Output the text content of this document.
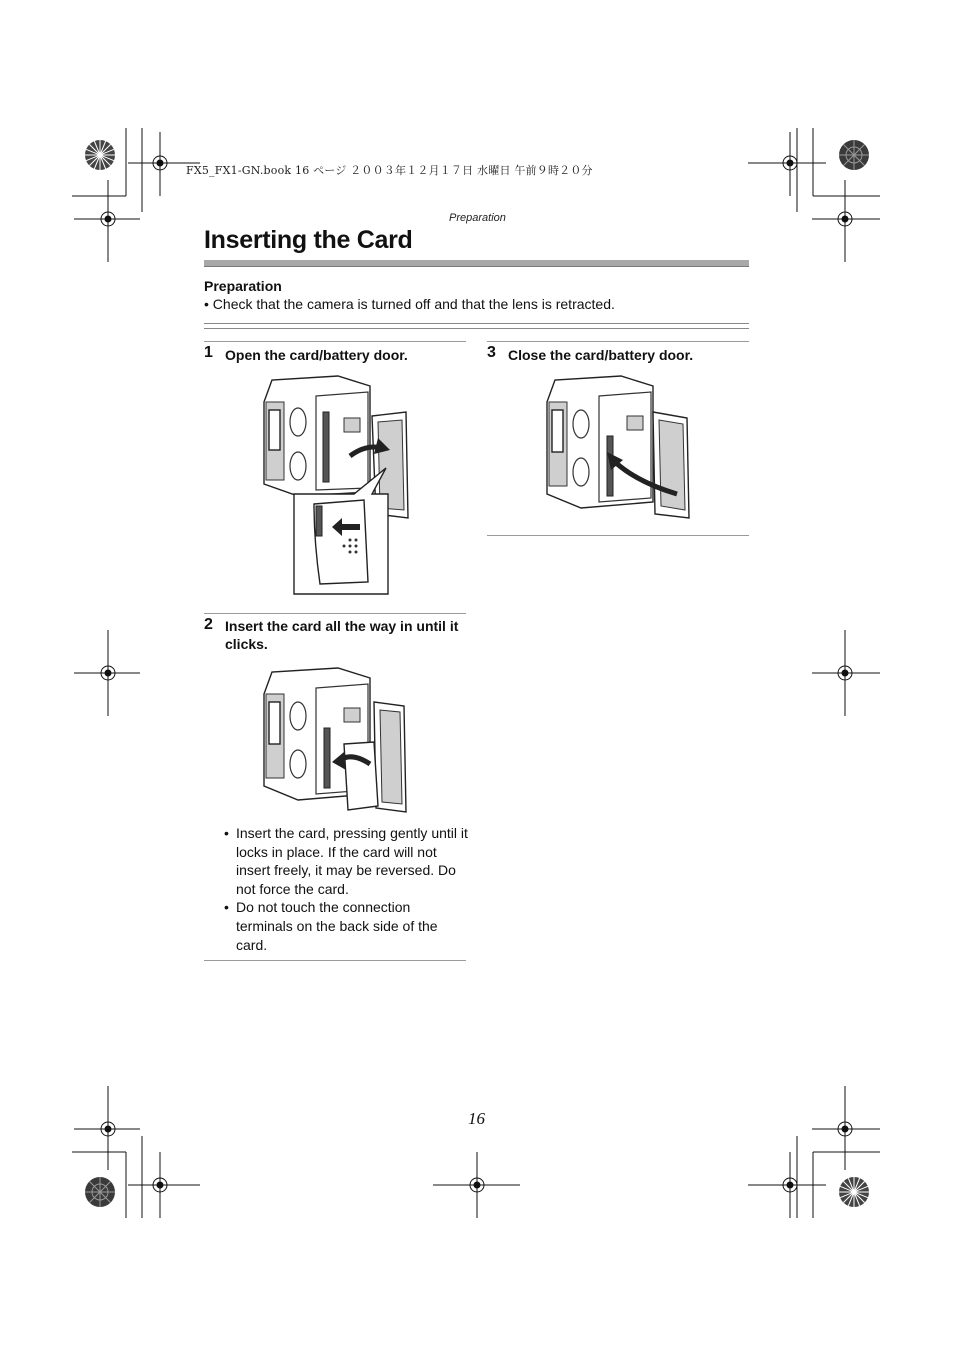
FX5_FX1-GN.book 16 ページ ２００３年１２月１７日 水曜日 午前９時２０分
Preparation
Inserting the Card
Preparation
• Check that the camera is turned off and that the lens is retracted.
1 Open the card/battery door.
2 Insert the card all the way in until it clicks.
• Insert the card, pressing gently until it locks in place. If the card will not insert freely, it may be reversed. Do not force the card.
• Do not touch the connection terminals on the back side of the card.
3 Close the card/battery door.
16
